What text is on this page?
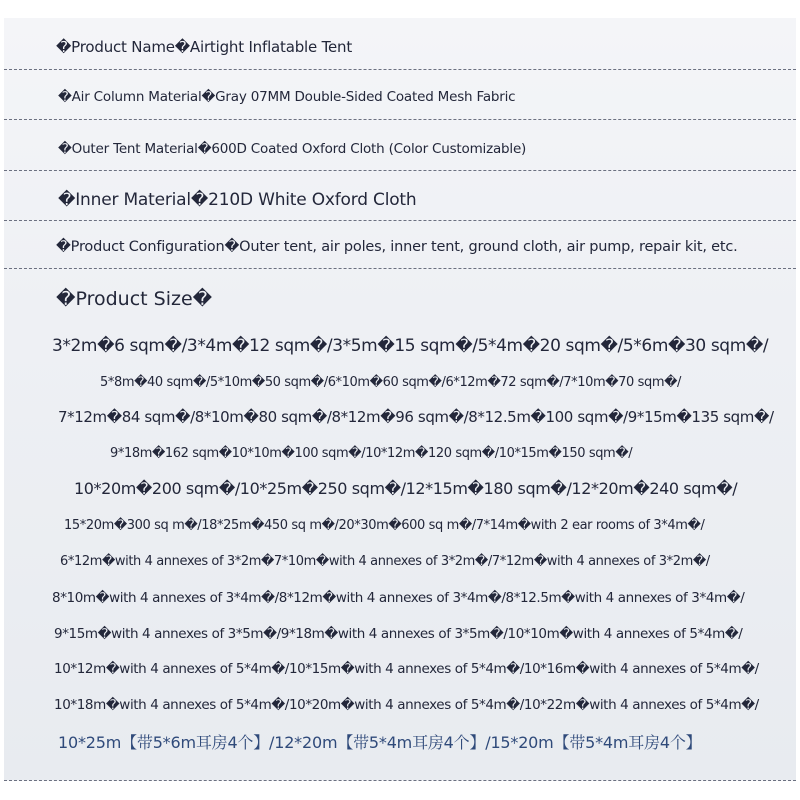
�Product Name�Airtight Inflatable Tent
�Air Column Material�Gray 07MM Double-Sided Coated Mesh Fabric
�Outer Tent Material�600D Coated Oxford Cloth (Color Customizable)
�Inner Material�210D White Oxford Cloth
�Product Configuration�Outer tent, air poles, inner tent, ground cloth, air pump, repair kit, etc.
�Product Size�
3*2m�6 sqm�/3*4m�12 sqm�/3*5m�15 sqm�/5*4m�20 sqm�/5*6m�30 sqm�/
5*8m�40 sqm�/5*10m�50 sqm�/6*10m�60 sqm�/6*12m�72 sqm�/7*10m�70 sqm�/
7*12m�84 sqm�/8*10m�80 sqm�/8*12m�96 sqm�/8*12.5m�100 sqm�/9*15m�135 sqm�/
9*18m�162 sqm�10*10m�100 sqm�/10*12m�120 sqm�/10*15m�150 sqm�/
10*20m�200 sqm�/10*25m�250 sqm�/12*15m�180 sqm�/12*20m�240 sqm�/
15*20m�300 sq m�/18*25m�450 sq m�/20*30m�600 sq m�/7*14m�with 2 ear rooms of 3*4m�/
6*12m�with 4 annexes of 3*2m�7*10m�with 4 annexes of 3*2m�/7*12m�with 4 annexes of 3*2m�/
8*10m�with 4 annexes of 3*4m�/8*12m�with 4 annexes of 3*4m�/8*12.5m�with 4 annexes of 3*4m�/
9*15m�with 4 annexes of 3*5m�/9*18m�with 4 annexes of 3*5m�/10*10m�with 4 annexes of 5*4m�/
10*12m�with 4 annexes of 5*4m�/10*15m�with 4 annexes of 5*4m�/10*16m�with 4 annexes of 5*4m�/
10*18m�with 4 annexes of 5*4m�/10*20m�with 4 annexes of 5*4m�/10*22m�with 4 annexes of 5*4m�/
10*25m【带5*6m耳房4个】/12*20m【带5*4m耳房4个】/15*20m【带5*4m耳房4个】
